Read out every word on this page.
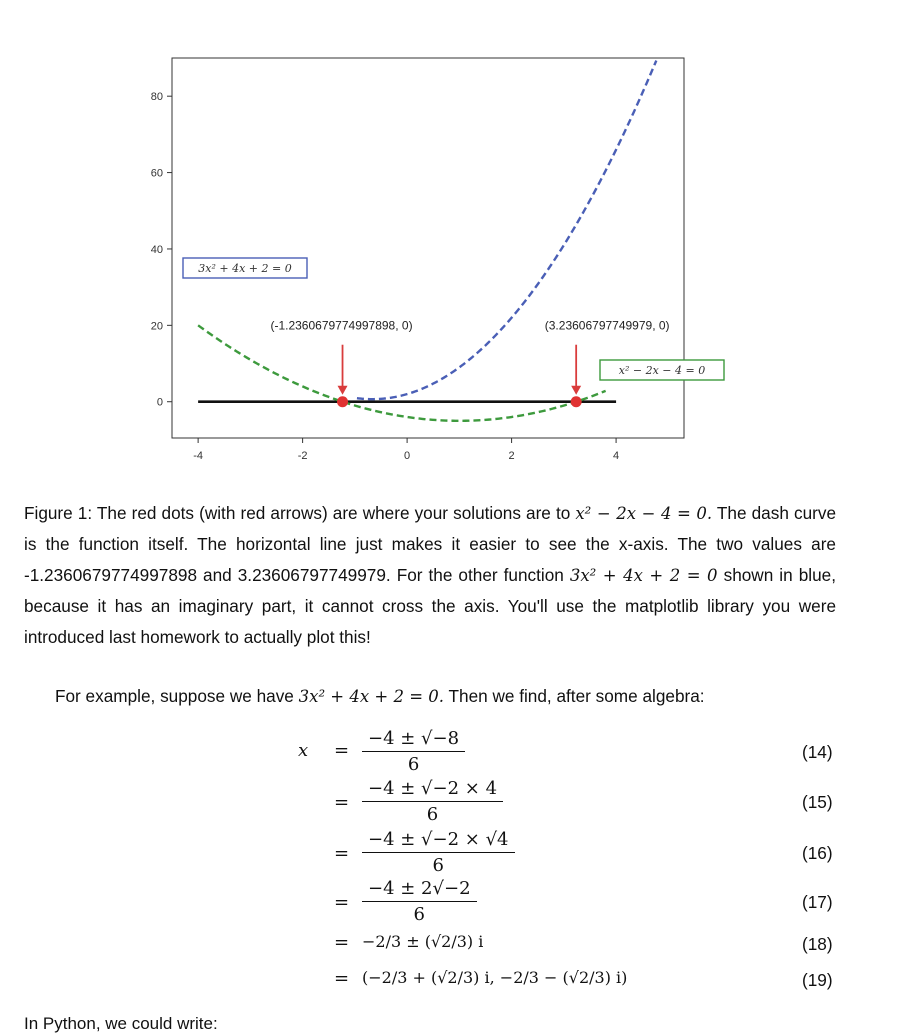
-4	-2	0	2	4
0
20
40
60
80
(-1.2360679774997898, 0)	(3.23606797749979, 0)
3x² + 4x + 2 = 0
x² − 2x − 4 = 0
Figure 1: The red dots (with red arrows) are where your solutions are to x² − 2x − 4 = 0. The dash curve is the function itself. The horizontal line just makes it easier to see the x-axis. The two values are -1.2360679774997898 and 3.23606797749979. For the other function 3x² + 4x + 2 = 0 shown in blue, because it has an imaginary part, it cannot cross the axis. You'll use the matplotlib library you were introduced last homework to actually plot this!
For example, suppose we have 3x² + 4x + 2 = 0. Then we find, after some algebra:
$x = \frac{-4 \pm √-8}{6}$	(14)
= $\frac{-4 \pm √-2 \times 4}{6}$	(15)
= $\frac{-4 \pm √-2 \times √4}{6}$	(16)
= $\frac{-4 \pm 2√-2}{6}$	(17)
= −2/3 ± (√2/3) i	(18)
= (−2/3 + (√2/3) i, −2/3 − (√2/3) i)	(19)
In Python, we could write:
